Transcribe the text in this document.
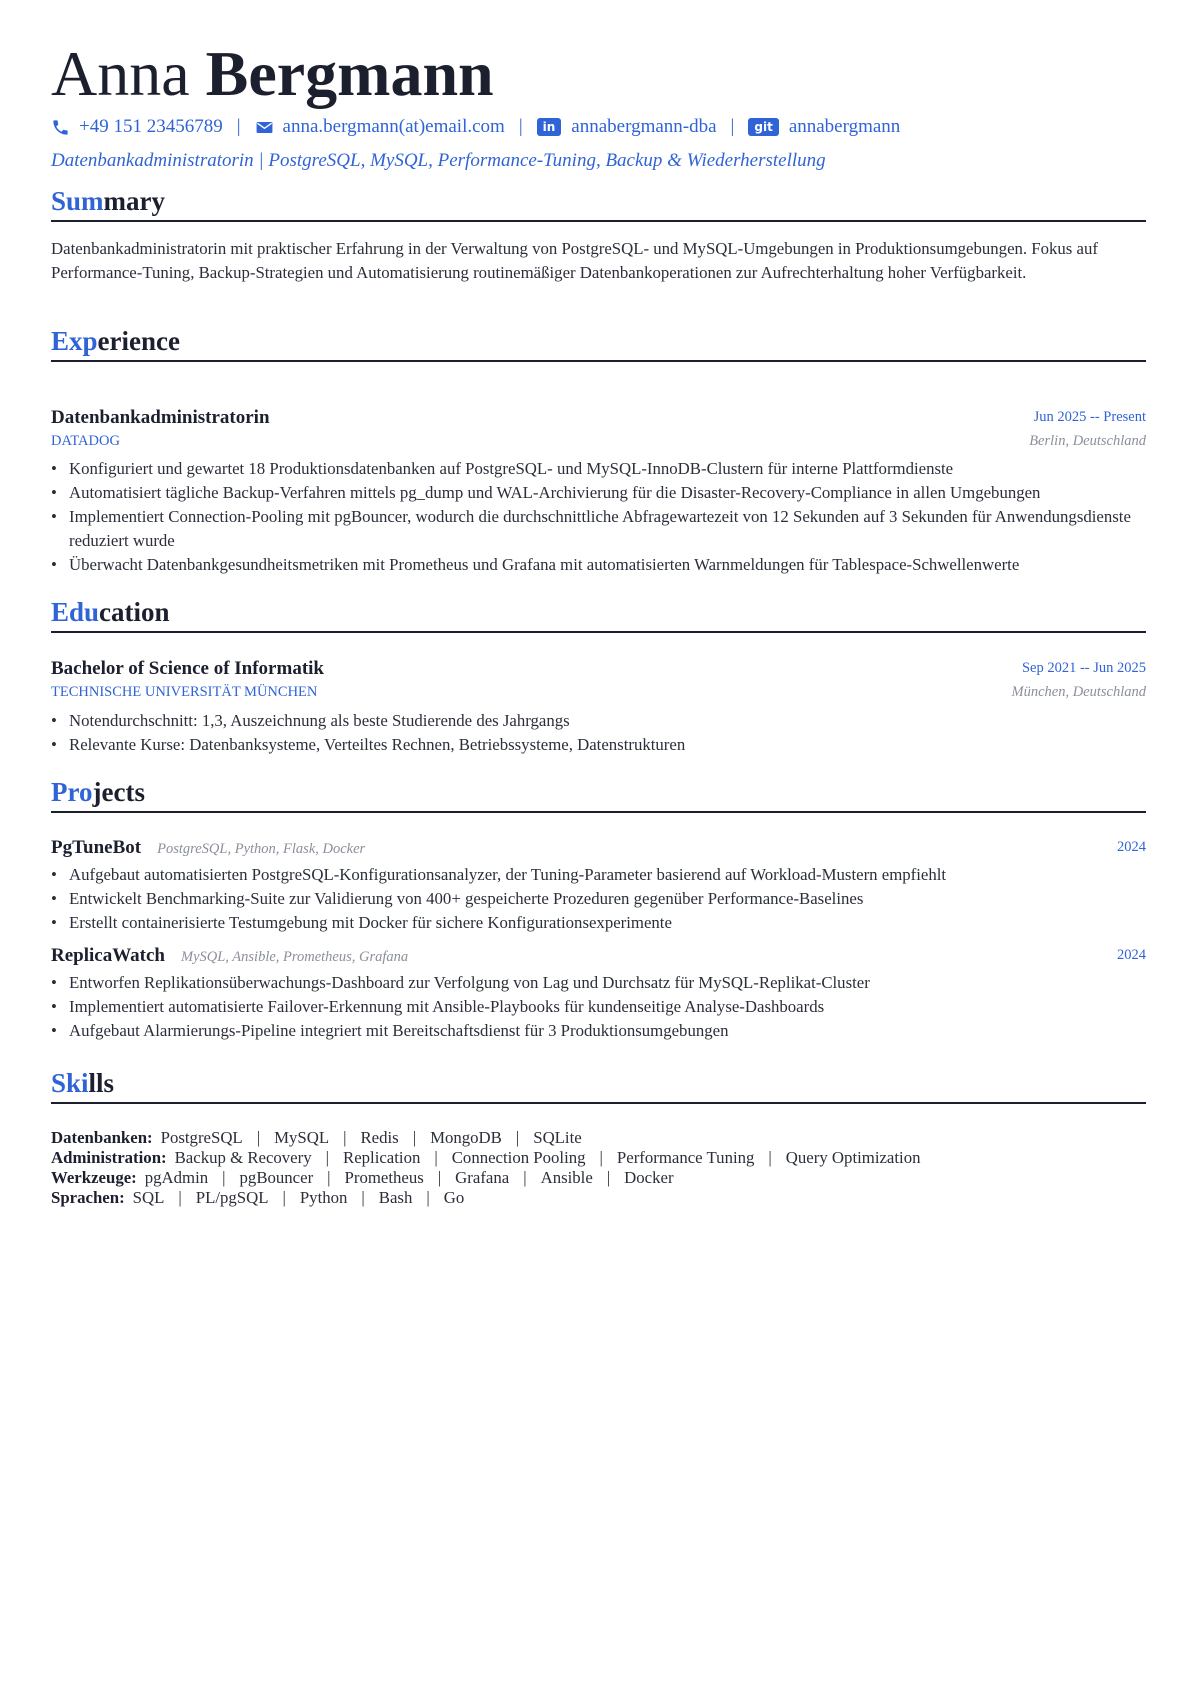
Anna Bergmann
+49 151 23456789 | anna.bergmann(at)email.com |	in annabergmann-dba |	git annabergmann
Datenbankadministratorin | PostgreSQL, MySQL, Performance-Tuning, Backup & Wiederherstellung
Summary
Datenbankadministratorin mit praktischer Erfahrung in der Verwaltung von PostgreSQL- und MySQL-Umgebungen in Produktionsumgebungen. Fokus auf Performance-Tuning, Backup-Strategien und Automatisierung routinemäßiger Datenbankoperationen zur Aufrechterhaltung hoher Verfügbarkeit.
Experience
Datenbankadministratorin	Jun 2025 -- Present
DATADOG	Berlin, Deutschland
• Konfiguriert und gewartet 18 Produktionsdatenbanken auf PostgreSQL- und MySQL-InnoDB-Clustern für interne Plattformdienste
• Automatisiert tägliche Backup-Verfahren mittels pg_dump und WAL-Archivierung für die Disaster-Recovery-Compliance in allen Umgebungen
• Implementiert Connection-Pooling mit pgBouncer, wodurch die durchschnittliche Abfragewartezeit von 12 Sekunden auf 3 Sekunden für Anwendungsdienste reduziert wurde
• Überwacht Datenbankgesundheitsmetriken mit Prometheus und Grafana mit automatisierten Warnmeldungen für Tablespace-Schwellenwerte
Education
Bachelor of Science of Informatik	Sep 2021 -- Jun 2025
TECHNISCHE UNIVERSITÄT MÜNCHEN	München, Deutschland
• Notendurchschnitt: 1,3, Auszeichnung als beste Studierende des Jahrgangs
• Relevante Kurse: Datenbanksysteme, Verteiltes Rechnen, Betriebssysteme, Datenstrukturen
Projects
PgTuneBot PostgreSQL, Python, Flask, Docker	2024
• Aufgebaut automatisierten PostgreSQL-Konfigurationsanalyzer, der Tuning-Parameter basierend auf Workload-Mustern empfiehlt
• Entwickelt Benchmarking-Suite zur Validierung von 400+ gespeicherte Prozeduren gegenüber Performance-Baselines
• Erstellt containerisierte Testumgebung mit Docker für sichere Konfigurationsexperimente
ReplicaWatch MySQL, Ansible, Prometheus, Grafana	2024
• Entworfen Replikationsüberwachungs-Dashboard zur Verfolgung von Lag und Durchsatz für MySQL-Replikat-Cluster
• Implementiert automatisierte Failover-Erkennung mit Ansible-Playbooks für kundenseitige Analyse-Dashboards
• Aufgebaut Alarmierungs-Pipeline integriert mit Bereitschaftsdienst für 3 Produktionsumgebungen
Skills
Datenbanken: PostgreSQL | MySQL | Redis | MongoDB | SQLite
Administration: Backup & Recovery | Replication | Connection Pooling | Performance Tuning | Query Optimization
Werkzeuge: pgAdmin | pgBouncer | Prometheus | Grafana | Ansible | Docker
Sprachen: SQL | PL/pgSQL | Python | Bash | Go
